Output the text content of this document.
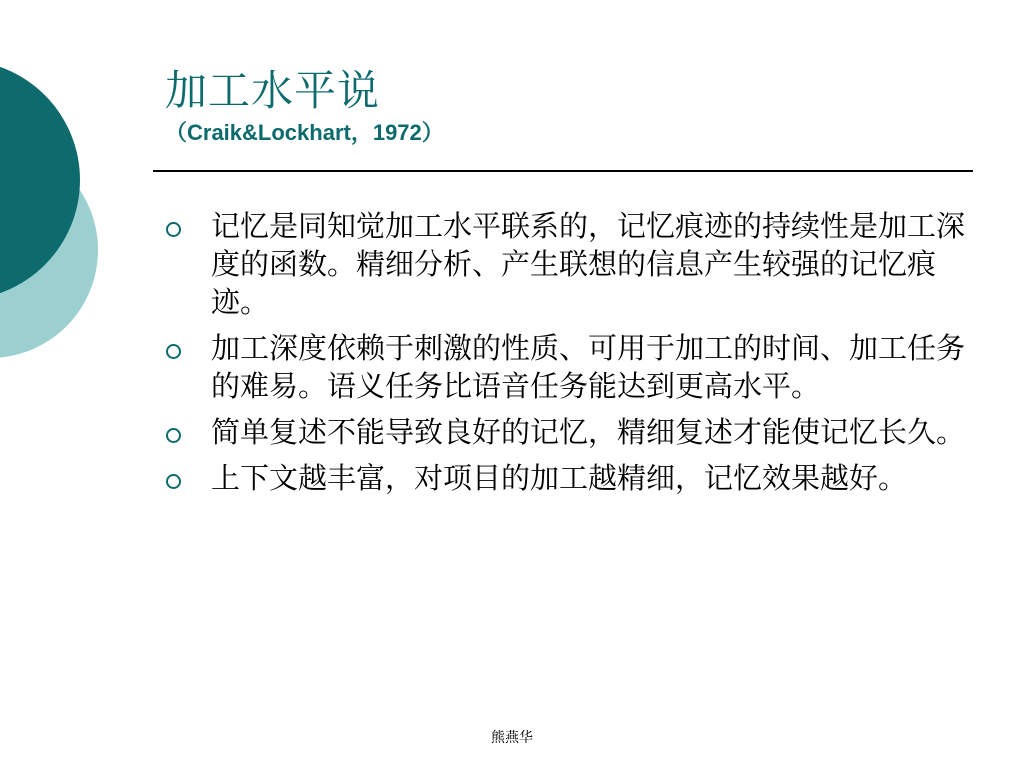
加工水平说
（Craik&Lockhart，1972）
记忆是同知觉加工水平联系的，记忆痕迹的持续性是加工深度的函数。精细分析、产生联想的信息产生较强的记忆痕迹。
加工深度依赖于刺激的性质、可用于加工的时间、加工任务的难易。语义任务比语音任务能达到更高水平。
简单复述不能导致良好的记忆，精细复述才能使记忆长久。
上下文越丰富，对项目的加工越精细，记忆效果越好。
熊燕华
